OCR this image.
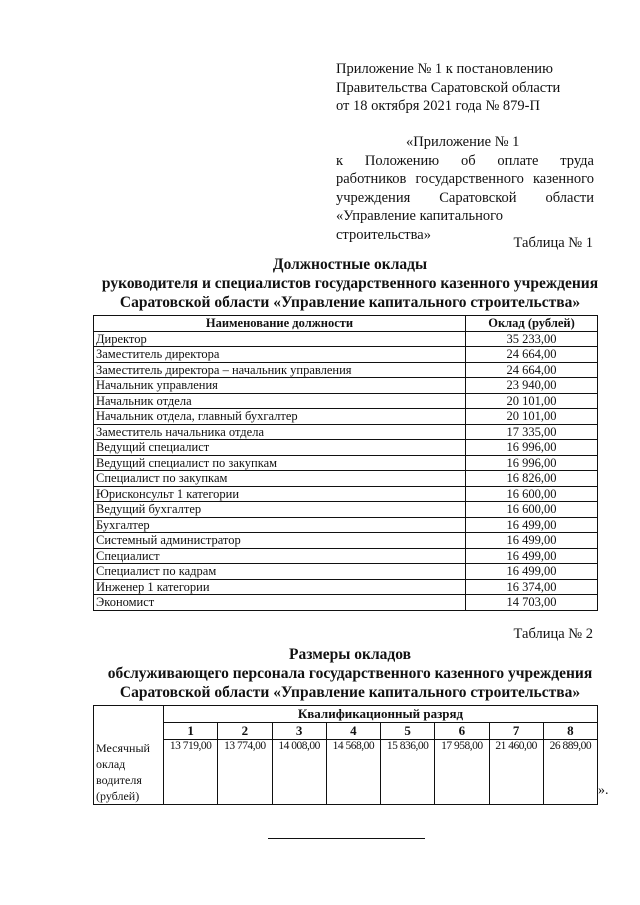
Приложение № 1 к постановлению
Правительства Саратовской области
от 18 октября 2021 года № 879-П
«Приложение № 1
к Положению об оплате труда
работников государственного казенного
учреждения Саратовской области
«Управление капитального строительства»
Таблица № 1
Должностные оклады
руководителя и специалистов государственного казенного учреждения
Саратовской области «Управление капитального строительства»
Наименование должности	Оклад (рублей)
Директор	35 233,00
Заместитель директора	24 664,00
Заместитель директора – начальник управления	24 664,00
Начальник управления	23 940,00
Начальник отдела	20 101,00
Начальник отдела, главный бухгалтер	20 101,00
Заместитель начальника отдела	17 335,00
Ведущий специалист	16 996,00
Ведущий специалист по закупкам	16 996,00
Специалист по закупкам	16 826,00
Юрисконсульт 1 категории	16 600,00
Ведущий бухгалтер	16 600,00
Бухгалтер	16 499,00
Системный администратор	16 499,00
Специалист	16 499,00
Специалист по кадрам	16 499,00
Инженер 1 категории	16 374,00
Экономист	14 703,00
Таблица № 2
Размеры окладов
обслуживающего персонала государственного казенного учреждения
Саратовской области «Управление капитального строительства»
	Квалификационный разряд							
	1	2	3	4	5	6	7	8

Месячный
оклад
водителя
(рублей)	13 719,00	13 774,00	14 008,00	14 568,00	15 836,00	17 958,00	21 460,00	26 889,00
».
